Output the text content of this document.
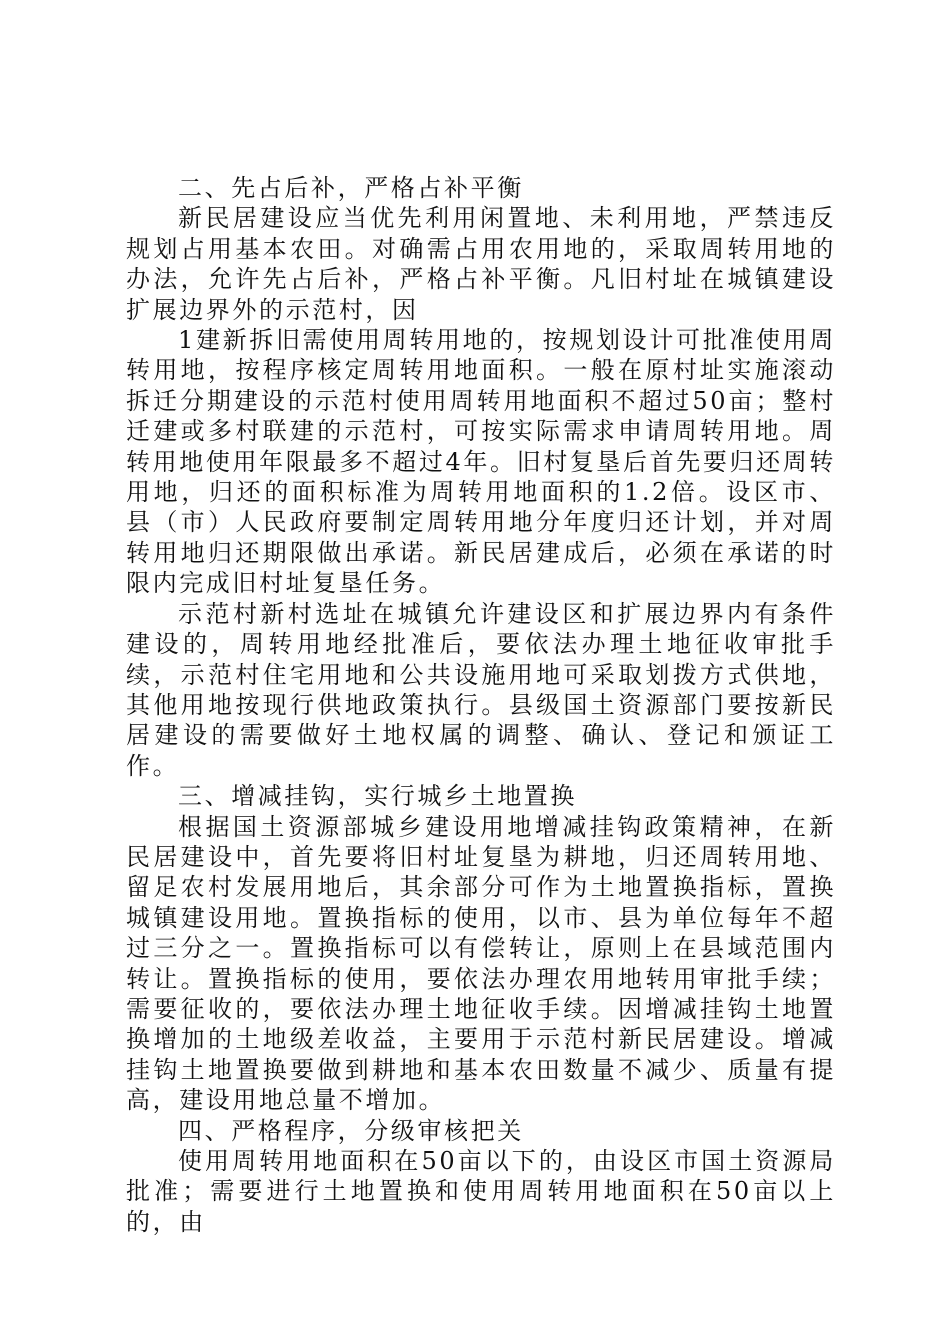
二、先占后补，严格占补平衡

新民居建设应当优先利用闲置地、未利用地，严禁违反规划占用基本农田。对确需占用农用地的，采取周转用地的办法，允许先占后补，严格占补平衡。凡旧村址在城镇建设扩展边界外的示范村，因

1建新拆旧需使用周转用地的，按规划设计可批准使用周转用地，按程序核定周转用地面积。一般在原村址实施滚动拆迁分期建设的示范村使用周转用地面积不超过50亩；整村迁建或多村联建的示范村，可按实际需求申请周转用地。周转用地使用年限最多不超过4年。旧村复垦后首先要归还周转用地，归还的面积标准为周转用地面积的1.2倍。设区市、县（市）人民政府要制定周转用地分年度归还计划，并对周转用地归还期限做出承诺。新民居建成后，必须在承诺的时限内完成旧村址复垦任务。

示范村新村选址在城镇允许建设区和扩展边界内有条件建设的，周转用地经批准后，要依法办理土地征收审批手续，示范村住宅用地和公共设施用地可采取划拨方式供地，其他用地按现行供地政策执行。县级国土资源部门要按新民居建设的需要做好土地权属的调整、确认、登记和颁证工作。

三、增减挂钩，实行城乡土地置换

根据国土资源部城乡建设用地增减挂钩政策精神，在新民居建设中，首先要将旧村址复垦为耕地，归还周转用地、留足农村发展用地后，其余部分可作为土地置换指标，置换城镇建设用地。置换指标的使用，以市、县为单位每年不超过三分之一。置换指标可以有偿转让，原则上在县域范围内转让。置换指标的使用，要依法办理农用地转用审批手续；需要征收的，要依法办理土地征收手续。因增减挂钩土地置换增加的土地级差收益，主要用于示范村新民居建设。增减挂钩土地置换要做到耕地和基本农田数量不减少、质量有提高，建设用地总量不增加。

四、严格程序，分级审核把关

使用周转用地面积在50亩以下的，由设区市国土资源局批准；需要进行土地置换和使用周转用地面积在50亩以上的，由
